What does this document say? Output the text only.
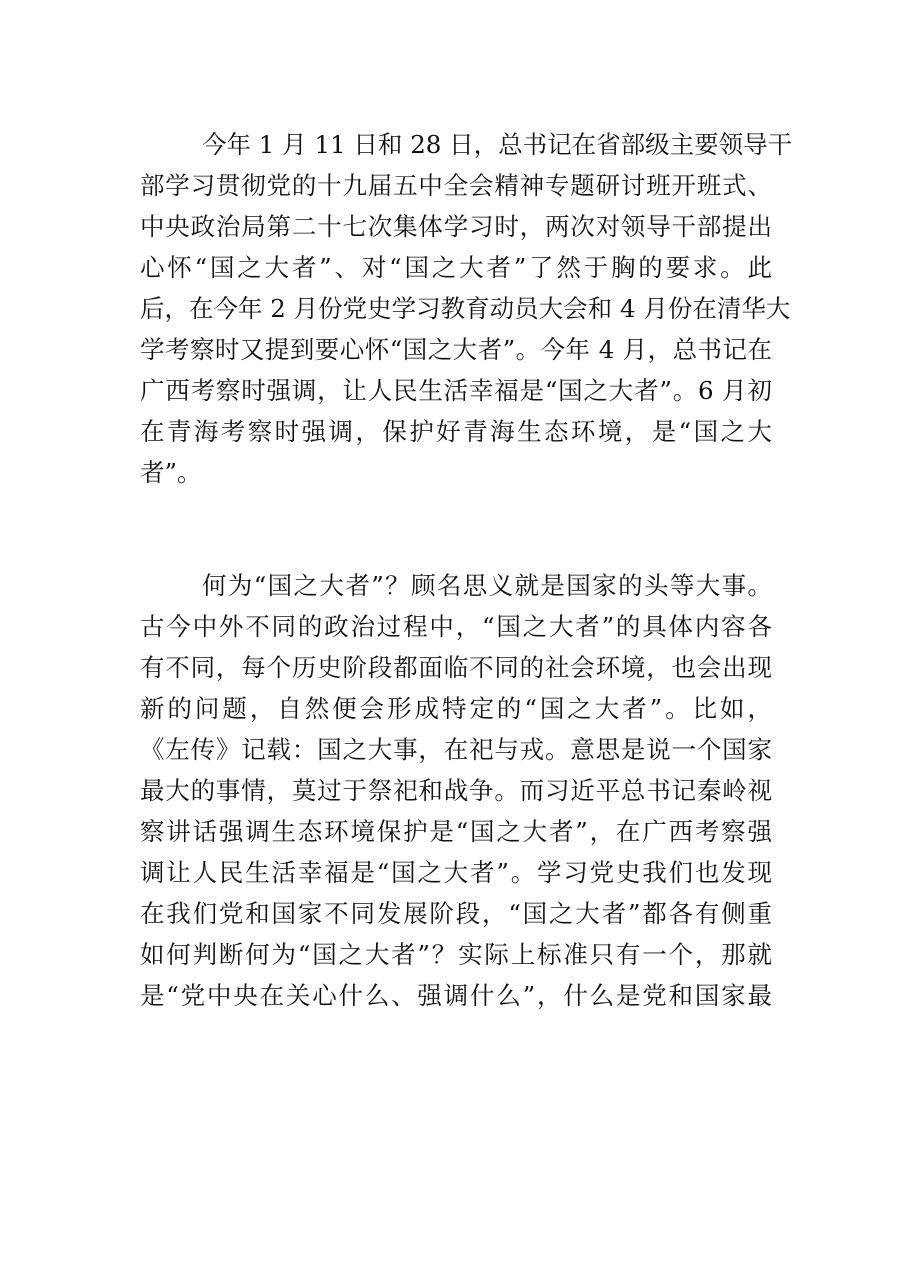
今年 1 月 11 日和 28 日，总书记在省部级主要领导干
部学习贯彻党的十九届五中全会精神专题研讨班开班式、
中央政治局第二十七次集体学习时，两次对领导干部提出
心怀“国之大者”、对“国之大者”了然于胸的要求。此
后，在今年 2 月份党史学习教育动员大会和 4 月份在清华大
学考察时又提到要心怀“国之大者”。今年 4 月，总书记在
广西考察时强调，让人民生活幸福是“国之大者”。6 月初
在青海考察时强调，保护好青海生态环境，是“国之大
者”。
何为“国之大者”？顾名思义就是国家的头等大事。
古今中外不同的政治过程中，“国之大者”的具体内容各
有不同，每个历史阶段都面临不同的社会环境，也会出现
新的问题，自然便会形成特定的“国之大者”。比如，
《左传》记载：国之大事，在祀与戎。意思是说一个国家
最大的事情，莫过于祭祀和战争。而习近平总书记秦岭视
察讲话强调生态环境保护是“国之大者”，在广西考察强
调让人民生活幸福是“国之大者”。学习党史我们也发现
在我们党和国家不同发展阶段，“国之大者”都各有侧重
如何判断何为“国之大者”？实际上标准只有一个，那就
是“党中央在关心什么、强调什么”，什么是党和国家最
